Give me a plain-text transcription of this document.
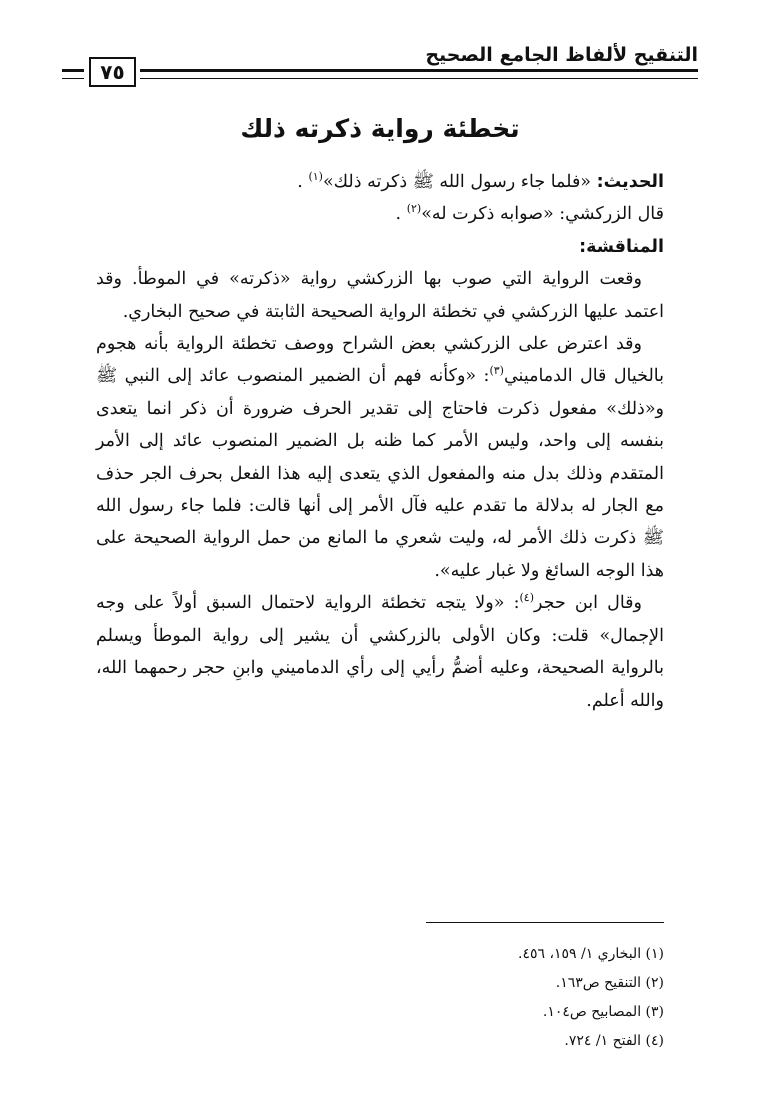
التنقيح لألفاظ الجامع الصحيح
٧٥
تخطئة رواية ذكرته ذلك

الحديث: «فلما جاء رسول الله ﷺ ذكرته ذلك»$^{(١)}$ .

قال الزركشي: «صوابه ذكرت له»$^{(٢)}$ .

المناقشة:

وقعت الرواية التي صوب بها الزركشي رواية «ذكرته» في الموطأ. وقد اعتمد عليها الزركشي في تخطئة الرواية الصحيحة الثابتة في صحيح البخاري.

وقد اعترض على الزركشي بعض الشراح ووصف تخطئة الرواية بأنه هجوم بالخيال قال الدماميني$^{(٣)}$: «وكأنه فهم أن الضمير المنصوب عائد إلى النبي ﷺ و«ذلك» مفعول ذكرت فاحتاج إلى تقدير الحرف ضرورة أن ذكر انما يتعدى بنفسه إلى واحد، وليس الأمر كما ظنه بل الضمير المنصوب عائد إلى الأمر المتقدم وذلك بدل منه والمفعول الذي يتعدى إليه هذا الفعل بحرف الجر حذف مع الجار له بدلالة ما تقدم عليه فآل الأمر إلى أنها قالت: فلما جاء رسول الله ﷺ ذكرت ذلك الأمر له، وليت شعري ما المانع من حمل الرواية الصحيحة على هذا الوجه السائغ ولا غبار عليه».

وقال ابن حجر$^{(٤)}$: «ولا يتجه تخطئة الرواية لاحتمال السبق أولاً على وجه الإجمال» قلت: وكان الأولى بالزركشي أن يشير إلى رواية الموطأ ويسلم بالرواية الصحيحة، وعليه أضمُّ رأيي إلى رأي الدماميني وابنِ حجر رحمهما الله، والله أعلم.

(١) البخاري ١/ ١٥٩، ٤٥٦.
(٢) التنقيح ص١٦٣.
(٣) المصابيح ص١٠٤.
(٤) الفتح ١/ ٧٢٤.
